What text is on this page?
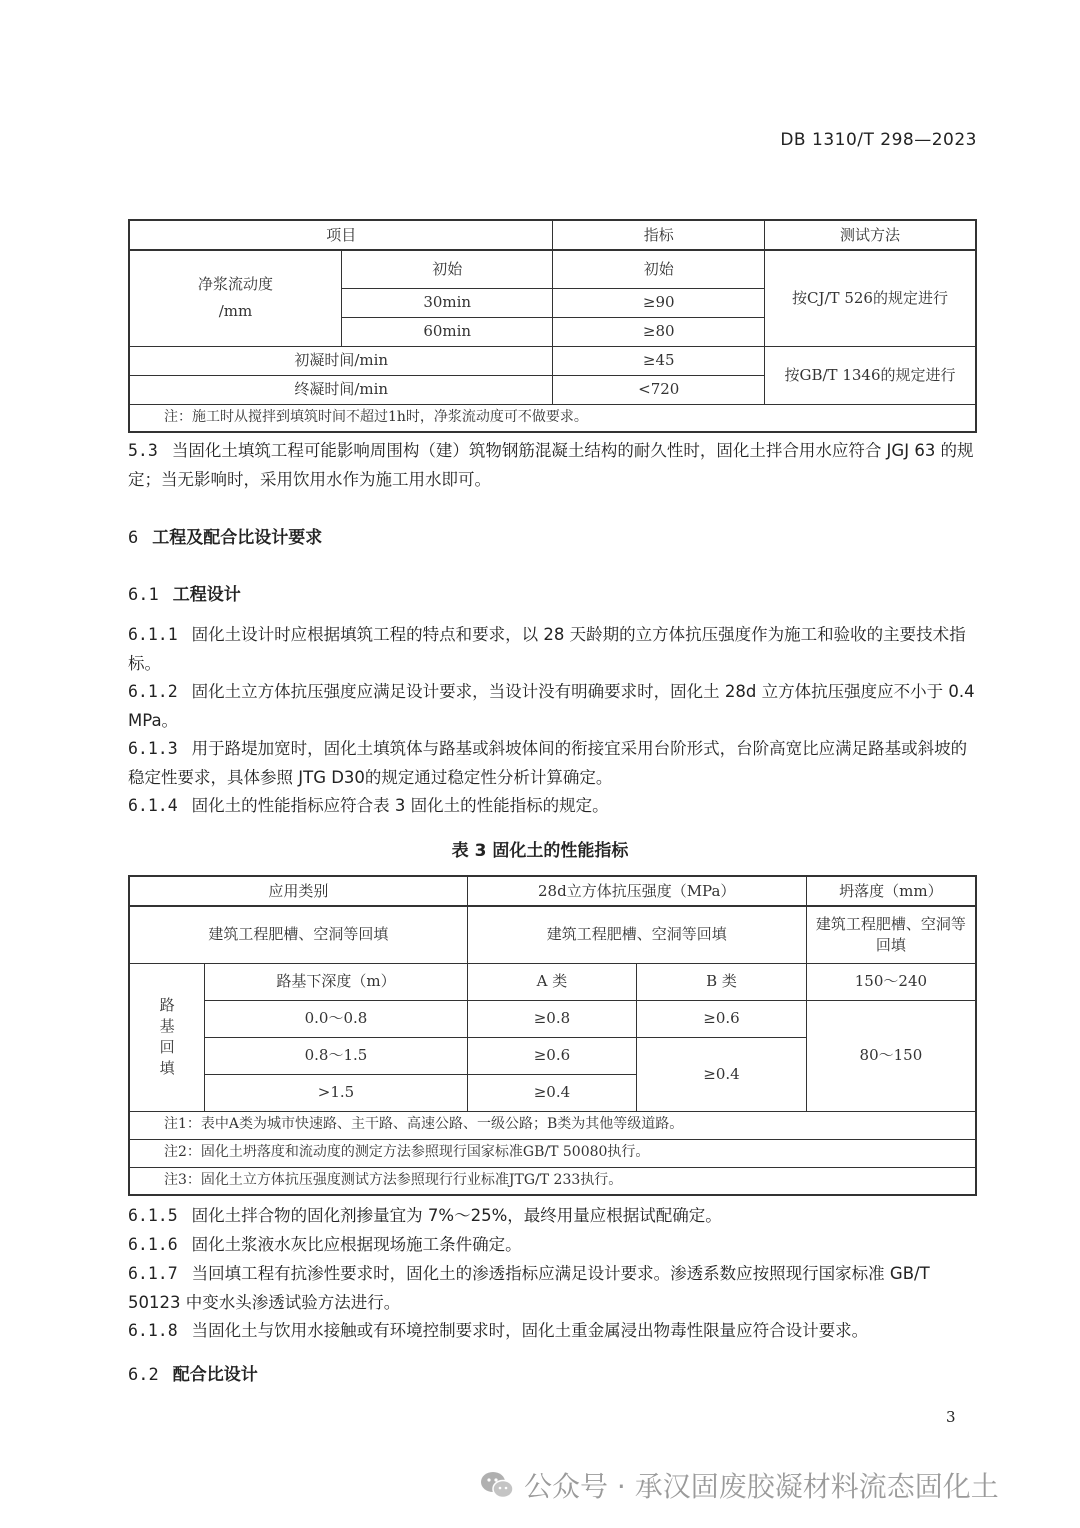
DB 1310/T 298—2023
项目		指标	测试方法

净浆流动度
/mm	初始	初始	按CJ/T 526的规定进行
	30min	≥90	
	60min	≥80	
初凝时间/min		≥45	按GB/T 1346的规定进行
终凝时间/min		<720	
注：施工时从搅拌到填筑时间不超过1h时，净浆流动度可不做要求。			

5.3 当固化土填筑工程可能影响周围构（建）筑物钢筋混凝土结构的耐久性时，固化土拌合用水应符合 JGJ 63 的规定；当无影响时，采用饮用水作为施工用水即可。

6 工程及配合比设计要求
6.1 工程设计

6.1.1 固化土设计时应根据填筑工程的特点和要求，以 28 天龄期的立方体抗压强度作为施工和验收的主要技术指标。

6.1.2 固化土立方体抗压强度应满足设计要求，当设计没有明确要求时，固化土 28d 立方体抗压强度应不小于 0.4 MPa。

6.1.3 用于路堤加宽时，固化土填筑体与路基或斜坡体间的衔接宜采用台阶形式，台阶高宽比应满足路基或斜坡的稳定性要求，具体参照 JTG D30的规定通过稳定性分析计算确定。

6.1.4 固化土的性能指标应符合表 3 固化土的性能指标的规定。

表 3 固化土的性能指标
应用类别		28d立方体抗压强度（MPa）		坍落度（mm）
建筑工程肥槽、空洞等回填		建筑工程肥槽、空洞等回填		建筑工程肥槽、空洞等回填

路
基
回
填	路基下深度（m）	A 类	B 类	150～240
	0.0～0.8	≥0.8	≥0.6	80～150
	0.8～1.5	≥0.6	≥0.4	
	>1.5	≥0.4		
注1：表中A类为城市快速路、主干路、高速公路、一级公路；B类为其他等级道路。				
注2：固化土坍落度和流动度的测定方法参照现行国家标准GB/T 50080执行。				
注3：固化土立方体抗压强度测试方法参照现行行业标准JTG/T 233执行。				

6.1.5 固化土拌合物的固化剂掺量宜为 7%～25%，最终用量应根据试配确定。

6.1.6 固化土浆液水灰比应根据现场施工条件确定。

6.1.7 当回填工程有抗渗性要求时，固化土的渗透指标应满足设计要求。渗透系数应按照现行国家标准 GB/T 50123 中变水头渗透试验方法进行。

6.1.8 当固化土与饮用水接触或有环境控制要求时，固化土重金属浸出物毒性限量应符合设计要求。

6.2 配合比设计
3
公众号 · 承汉固废胶凝材料流态固化土
